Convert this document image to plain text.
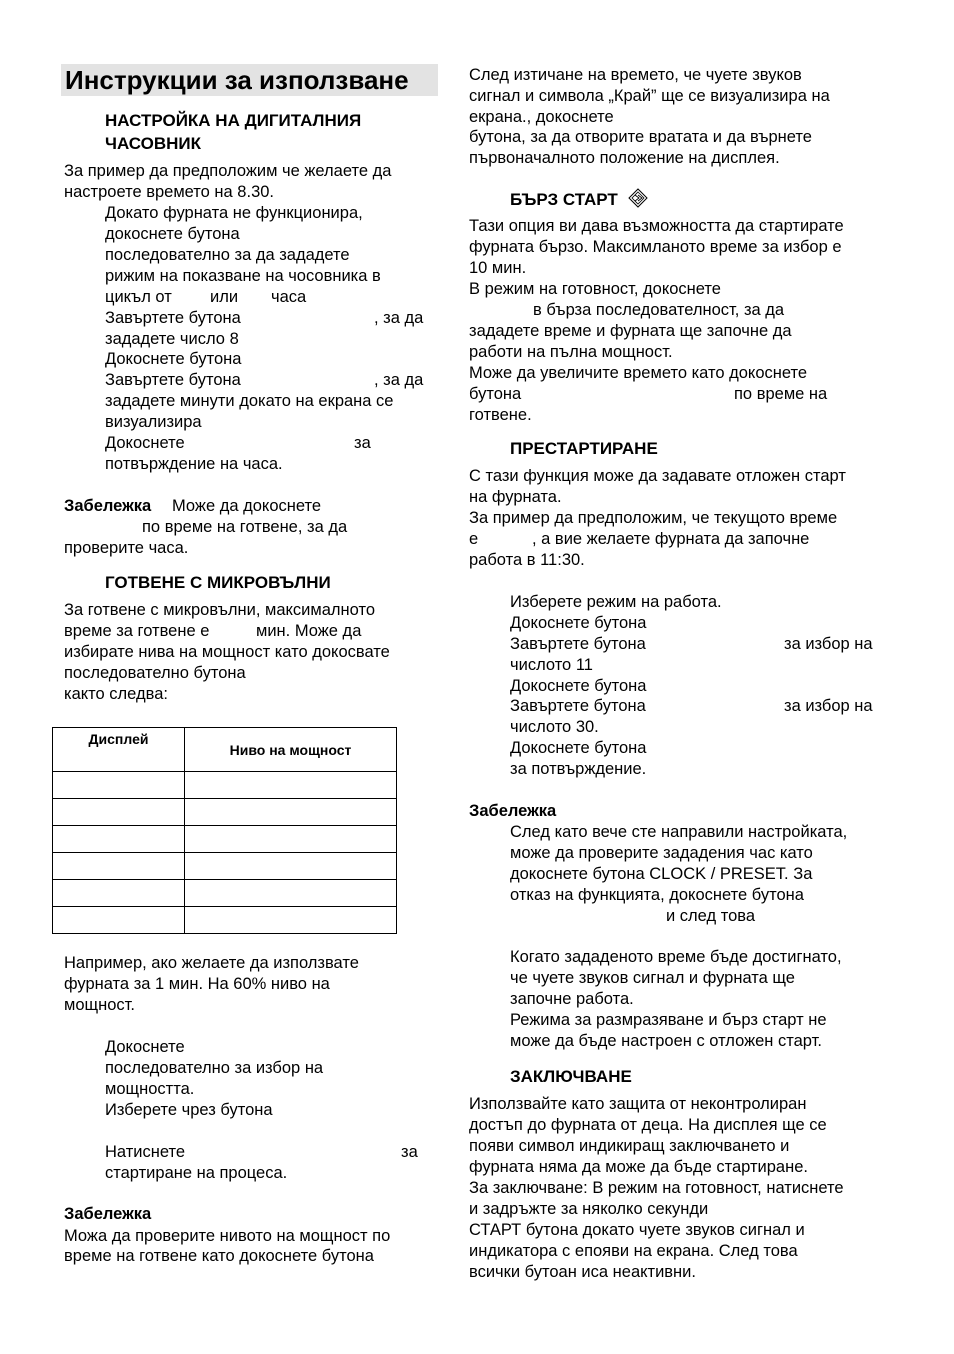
Инструкции за използване
НАСТРОЙКА НА ДИГИТАЛНИЯ
ЧАСОВНИК
За пример да предположим че желаете да
настроете времето на 8.30.
Докато фурната не функционира,
докоснете бутона
последователно за да зададете
рижим на показване на чосовника в
цикъл от или часа
Завъртете бутона	, за да
зададете число 8
Докоснете бутона
Завъртете бутона	, за да
зададете минути докато на екрана се
визуализира
Докоснете	за
потвърждение на часа.
Забележка Може да докоснете
по време на готвене, за да
проверите часа.
ГОТВЕНЕ С МИКРОВЪЛНИ
За готвене с микровълни, максималното
време за готвене е	мин. Може да
избирате нива на мощност като докосвате
последователно бутона
както следва:
Дисплей	Ниво на мощност

Например, ако желаете да използвате
фурната за 1 мин. На 60% ниво на
мощност.
Докоснете
последователно за избор на
мощността.
Изберете чрез бутона
Натиснете	за
стартиране на процеса.
Забележка
Можа да проверите нивото на мощност по
време на готвене като докоснете бутона
След изтичане на времето, че чуете звуков
сигнал и символа „Край” ще се визуализира на
екрана., докоснете
бутона, за да отворите вратата и да върнете
първоначалното положение на дисплея.
БЪРЗ СТАРТ
Тази опция ви дава възможността да стартирате
фурната бързо. Максимланото време за избор е
10 мин.
В режим на готовност, докоснете
в бърза последователност, за да
зададете време и фурната ще започне да
работи на пълна мощност.
Може да увеличите времето като докоснете
бутона	по време на
готвене.
ПРЕСТАРТИРАНЕ
С тази функция може да задавате отложен старт
на фурната.
За пример да предположим, че текущото време
е	, а вие желаете фурната да започне
работа в 11:30.
Изберете режим на работа.
Докоснете бутона
Завъртете бутона	за избор на
числото 11
Докоснете бутона
Завъртете бутона	за избор на
числото 30.
Докоснете бутона
за потвърждение.
Забележка
След като вече сте направили настройката,
може да проверите зададения час като
докоснете бутона CLOCK / PRESET. За
отказ на функцията, докоснете бутона
и след това
Когато зададеното време бъде достигнато,
че чуете звуков сигнал и фурната ще
започне работа.
Режима за размразяване и бърз старт не
може да бъде настроен с отложен старт.
ЗАКЛЮЧВАНЕ
Използвайте като защита от неконтролиран
достъп до фурната от деца. На дисплея ще се
появи символ индикиращ заключването и
фурната няма да може да бъде стартиране.
За заключване: В режим на готовност, натиснете
и задръжте за няколко секунди
СТАРТ бутона докато чуете звуков сигнал и
индикатора с епояви на екрана. След това
всички бутоан иса неактивни.
